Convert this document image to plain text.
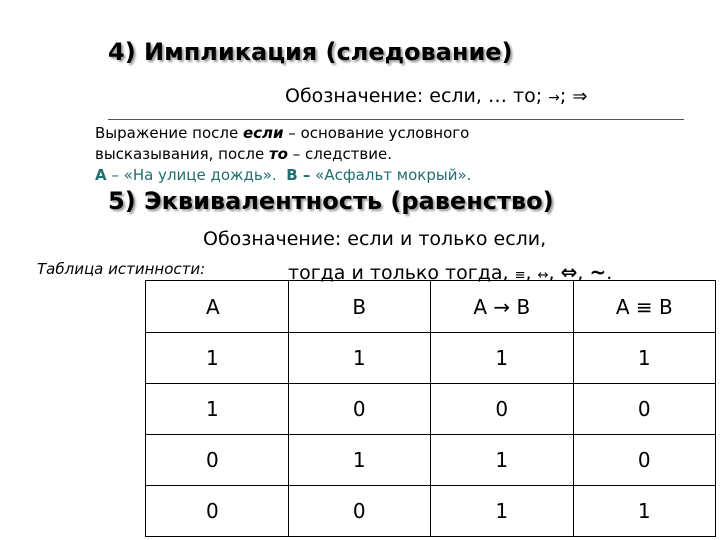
4) Импликация (следование)
Обозначение: если, … то; →; ⇒
Выражение после если – основание условного
высказывания, после то – следствие.
А – «На улице дождь».  В – «Асфальт мокрый».
5) Эквивалентность (равенство)
Обозначение: если и только если,
Таблица истинности:	тогда и только тогда, ≡, ↔, ⇔, ~.
A	B	A → B	A ≡ B
1	1	1	1
1	0	0	0
0	1	1	0
0	0	1	1
